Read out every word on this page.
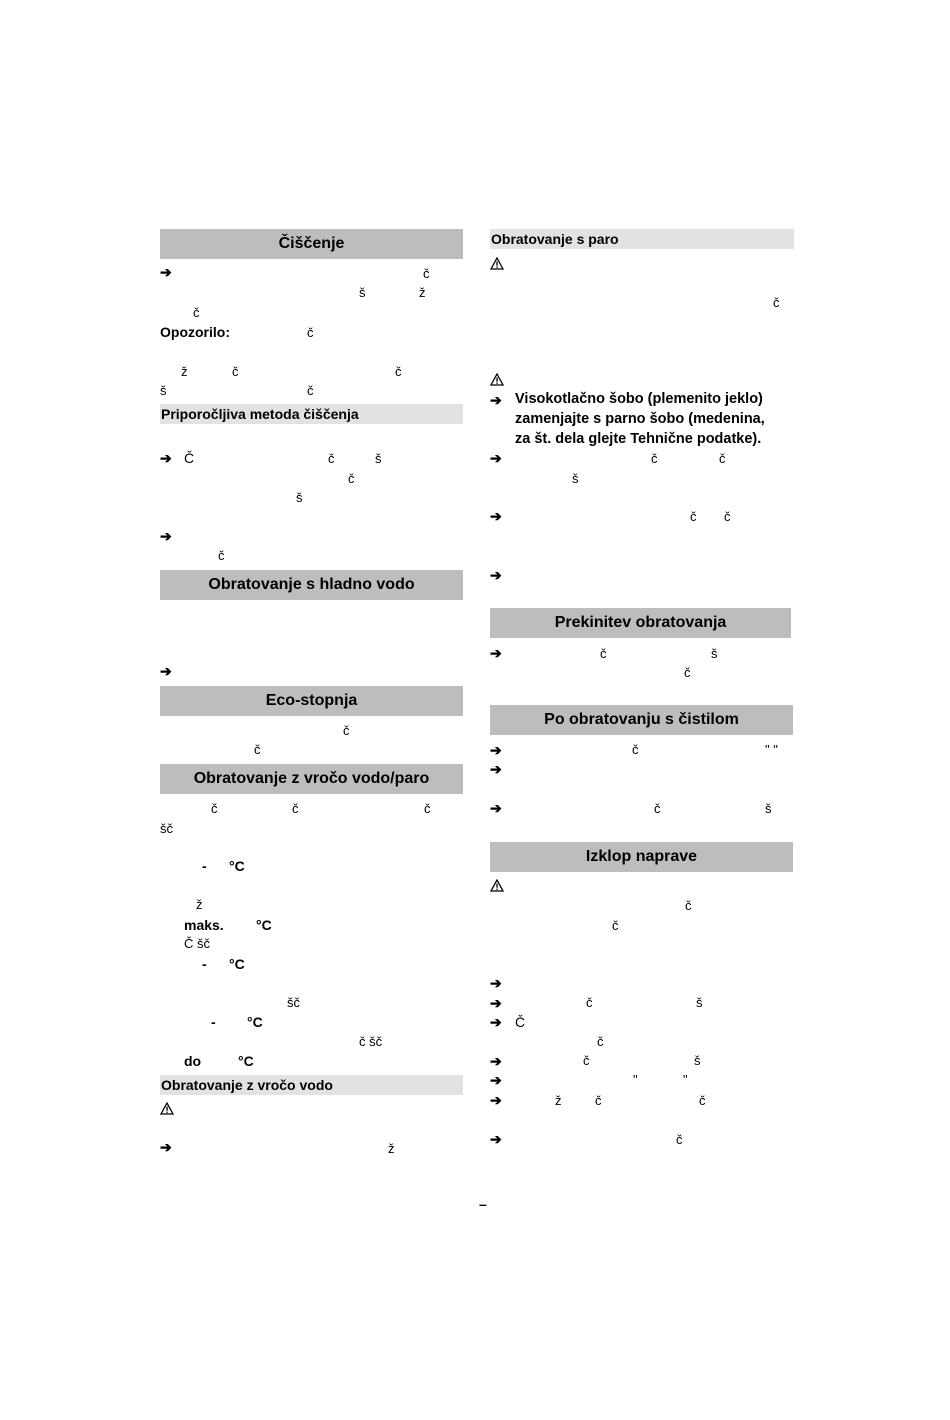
Čiščenje
➔	č
š	ž
č
Opozorilo:	č
ž	č	č
š	č
Priporočljiva metoda čiščenja
➔ Č	č	š
č
š
➔
č
Obratovanje s hladno vodo
➔
Eco-stopnja
č
č
Obratovanje z vročo vodo/paro
č	č	č
šč
- °C
ž
maks. °C
Č šč
- °C
šč
- °C
č šč
do	°C
Obratovanje z vročo vodo
➔	ž
Obratovanje s paro
č
➔ Visokotlačno šobo (plemenito jeklo)
zamenjajte s parno šobo (medenina,
za št. dela glejte Tehnične podatke).
➔	č	č
š
➔	č č
➔
Prekinitev obratovanja
➔	č	š
č
Po obratovanju s čistilom
➔	č	" "
➔
➔	č	š
Izklop naprave
č
č
➔
➔	č	š
➔ Č
č
➔	č	š
➔	"	"
➔	ž	č	č
➔	č
–
